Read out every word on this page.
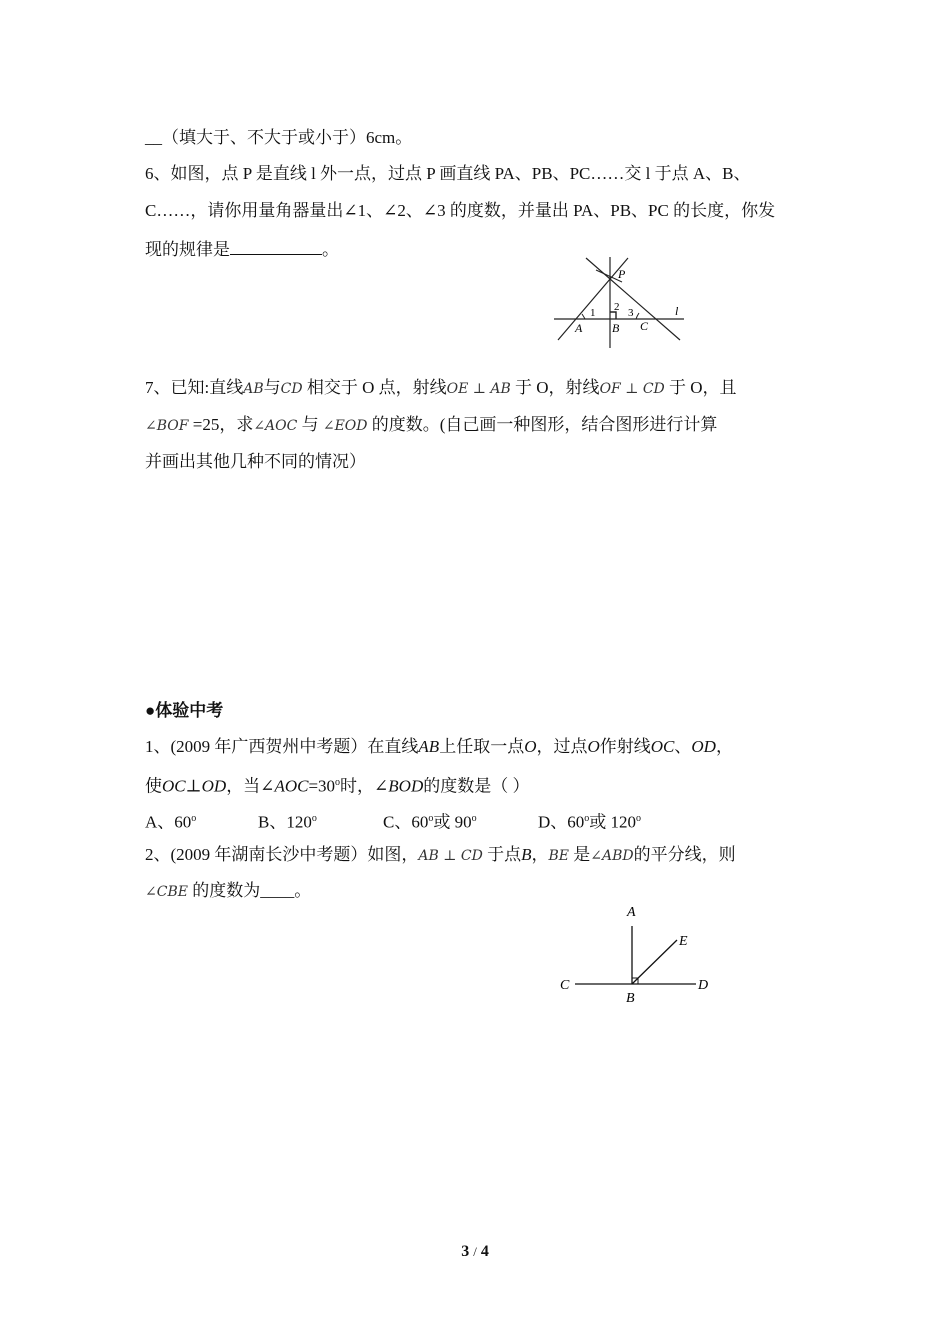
__（填大于、不大于或小于）6cm。
6、如图，点 P 是直线 l 外一点，过点 P 画直线 PA、PB、PC……交 l 于点 A、B、
C……，请你用量角器量出∠1、∠2、∠3 的度数，并量出 PA、PB、PC 的长度，你发
现的规律是	。
P
l
A B C
1 2 3
7、已知:直线AB与CD 相交于 O 点，射线OE ⊥ AB 于 O，射线OF ⊥ CD 于 O，且
∠BOF =25，求∠AOC 与 ∠EOD 的度数。(自己画一种图形，结合图形进行计算
并画出其他几种不同的情况）
●体验中考
1、(2009 年广西贺州中考题）在直线AB上任取一点O，过点O作射线OC、OD，
使OC⊥OD，当$\angle AOC=30^o$时，∠BOD的度数是（ ）
A、60$^o$	B、120$^o$	C、60$^o$或 90$^o$	D、60$^o$或 120$^o$
2、(2009 年湖南长沙中考题）如图，AB ⊥ CD 于点B，BE 是∠ABD的平分线，则
∠CBE 的度数为____。
A
E
C	D
B
3 / 4
